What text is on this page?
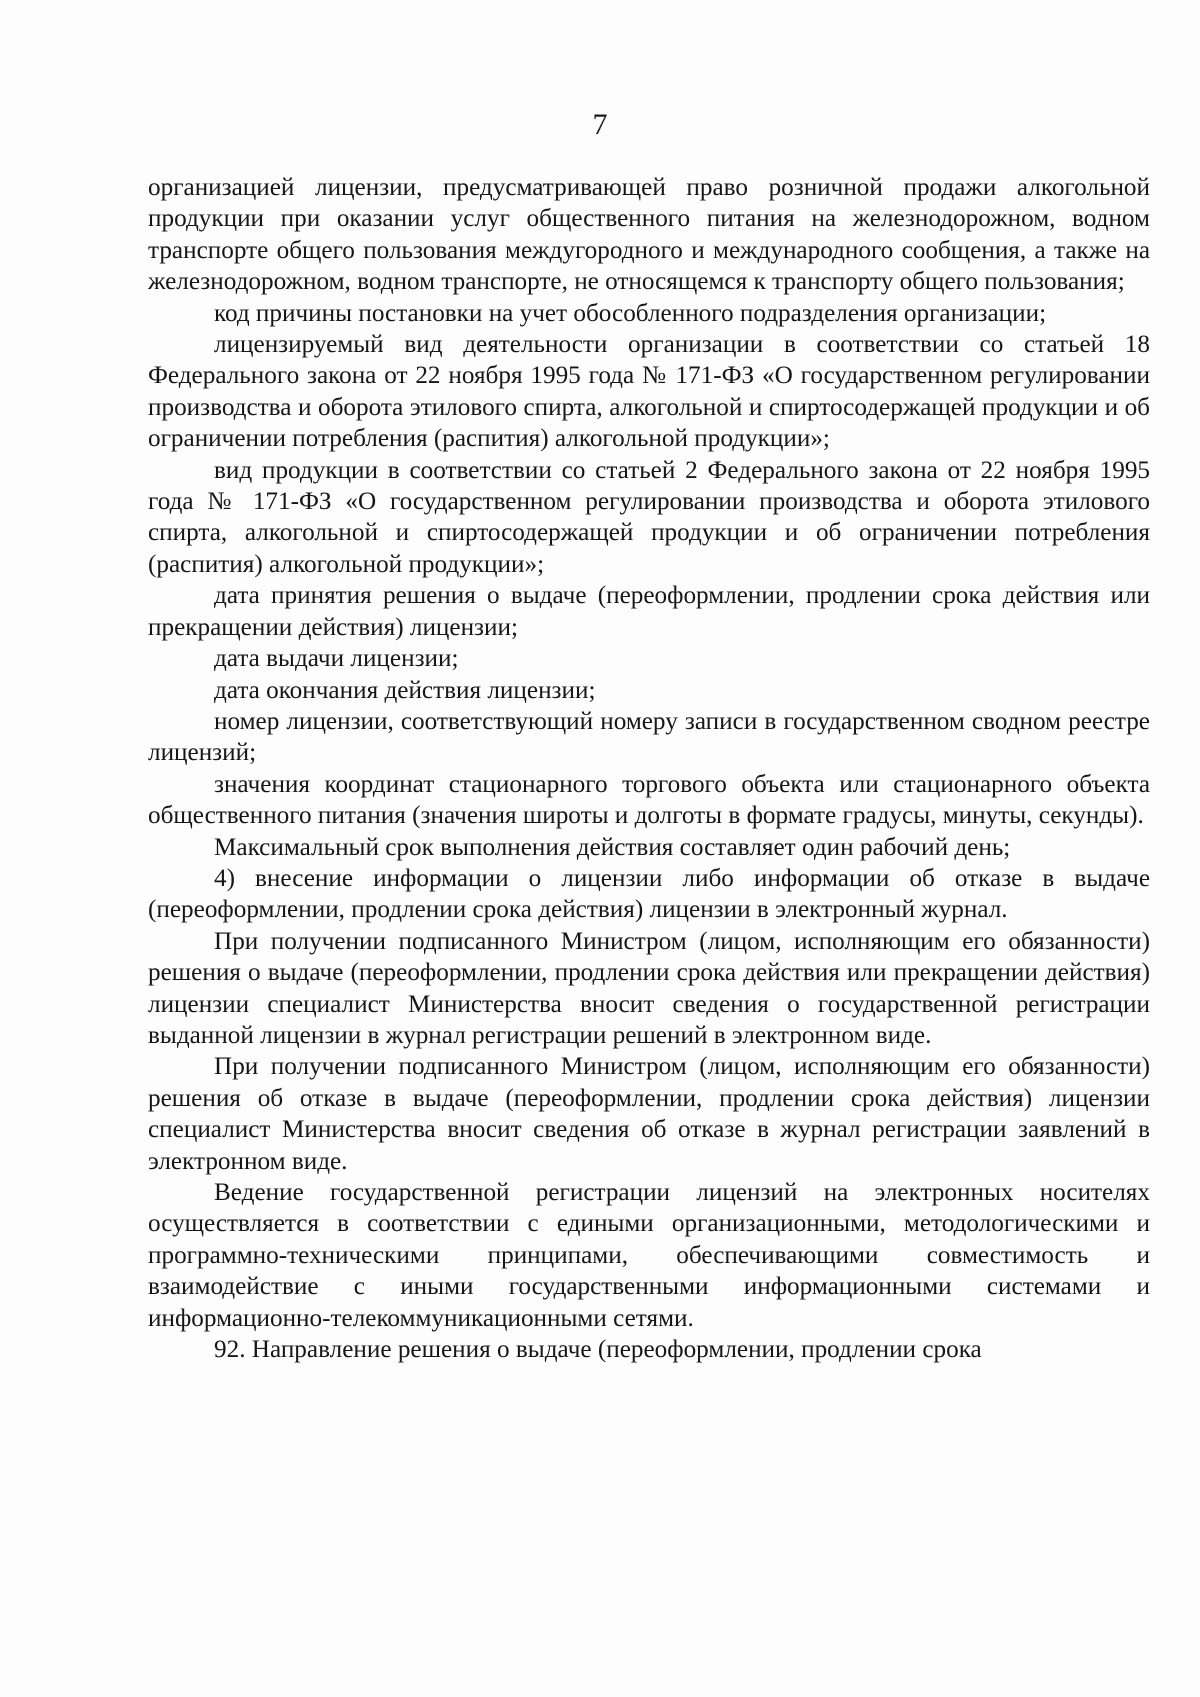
7

организацией лицензии, предусматривающей право розничной продажи алкогольной продукции при оказании услуг общественного питания на железнодорожном, водном транспорте общего пользования междугородного и международного сообщения, а также на железнодорожном, водном транспорте, не относящемся к транспорту общего пользования;

код причины постановки на учет обособленного подразделения организации;

лицензируемый вид деятельности организации в соответствии со статьей 18 Федерального закона от 22 ноября 1995 года № 171-ФЗ «О государственном регулировании производства и оборота этилового спирта, алкогольной и спиртосодержащей продукции и об ограничении потребления (распития) алкогольной продукции»;

вид продукции в соответствии со статьей 2 Федерального закона от 22 ноября 1995 года № 171-ФЗ «О государственном регулировании производства и оборота этилового спирта, алкогольной и спиртосодержащей продукции и об ограничении потребления (распития) алкогольной продукции»;

дата принятия решения о выдаче (переоформлении, продлении срока действия или прекращении действия) лицензии;

дата выдачи лицензии;

дата окончания действия лицензии;

номер лицензии, соответствующий номеру записи в государственном сводном реестре лицензий;

значения координат стационарного торгового объекта или стационарного объекта общественного питания (значения широты и долготы в формате градусы, минуты, секунды).

Максимальный срок выполнения действия составляет один рабочий день;

4) внесение информации о лицензии либо информации об отказе в выдаче (переоформлении, продлении срока действия) лицензии в электронный журнал.

При получении подписанного Министром (лицом, исполняющим его обязанности) решения о выдаче (переоформлении, продлении срока действия или прекращении действия) лицензии специалист Министерства вносит сведения о государственной регистрации выданной лицензии в журнал регистрации решений в электронном виде.

При получении подписанного Министром (лицом, исполняющим его обязанности) решения об отказе в выдаче (переоформлении, продлении срока действия) лицензии специалист Министерства вносит сведения об отказе в журнал регистрации заявлений в электронном виде.

Ведение государственной регистрации лицензий на электронных носителях осуществляется в соответствии с едиными организационными, методологическими и программно-техническими принципами, обеспечивающими совместимость и взаимодействие с иными государственными информационными системами и информационно-телекоммуникационными сетями.

92. Направление решения о выдаче (переоформлении, продлении срока
